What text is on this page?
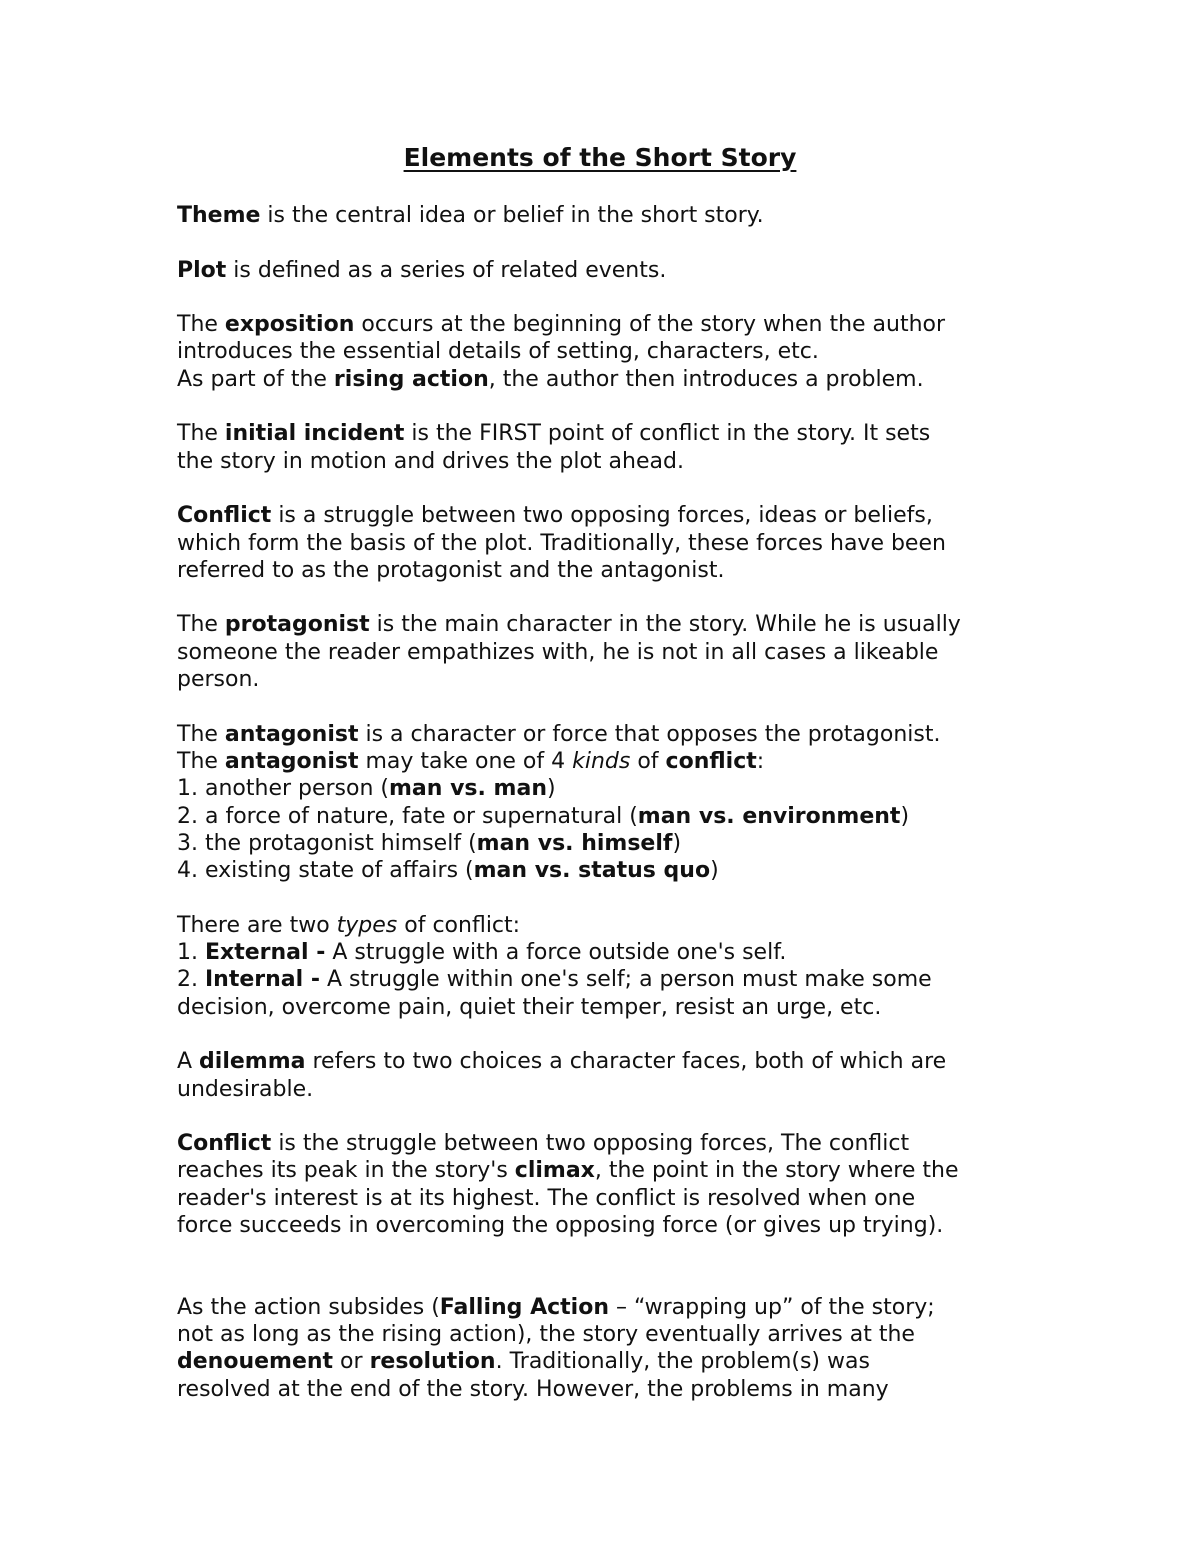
Elements of the Short Story

Theme is the central idea or belief in the short story.

Plot is defined as a series of related events.

The exposition occurs at the beginning of the story when the author
introduces the essential details of setting, characters, etc.
As part of the rising action, the author then introduces a problem.

The initial incident is the FIRST point of conflict in the story. It sets
the story in motion and drives the plot ahead.

Conflict is a struggle between two opposing forces, ideas or beliefs,
which form the basis of the plot. Traditionally, these forces have been
referred to as the protagonist and the antagonist.

The protagonist is the main character in the story. While he is usually
someone the reader empathizes with, he is not in all cases a likeable
person.

The antagonist is a character or force that opposes the protagonist.
The antagonist may take one of 4 kinds of conflict:
1. another person (man vs. man)
2. a force of nature, fate or supernatural (man vs. environment)
3. the protagonist himself (man vs. himself)
4. existing state of affairs (man vs. status quo)

There are two types of conflict:
1. External - A struggle with a force outside one's self.
2. Internal - A struggle within one's self; a person must make some
decision, overcome pain, quiet their temper, resist an urge, etc.

A dilemma refers to two choices a character faces, both of which are
undesirable.

Conflict is the struggle between two opposing forces, The conflict
reaches its peak in the story's climax, the point in the story where the
reader's interest is at its highest. The conflict is resolved when one
force succeeds in overcoming the opposing force (or gives up trying).

As the action subsides (Falling Action – “wrapping up” of the story;
not as long as the rising action), the story eventually arrives at the
denouement or resolution. Traditionally, the problem(s) was
resolved at the end of the story. However, the problems in many
